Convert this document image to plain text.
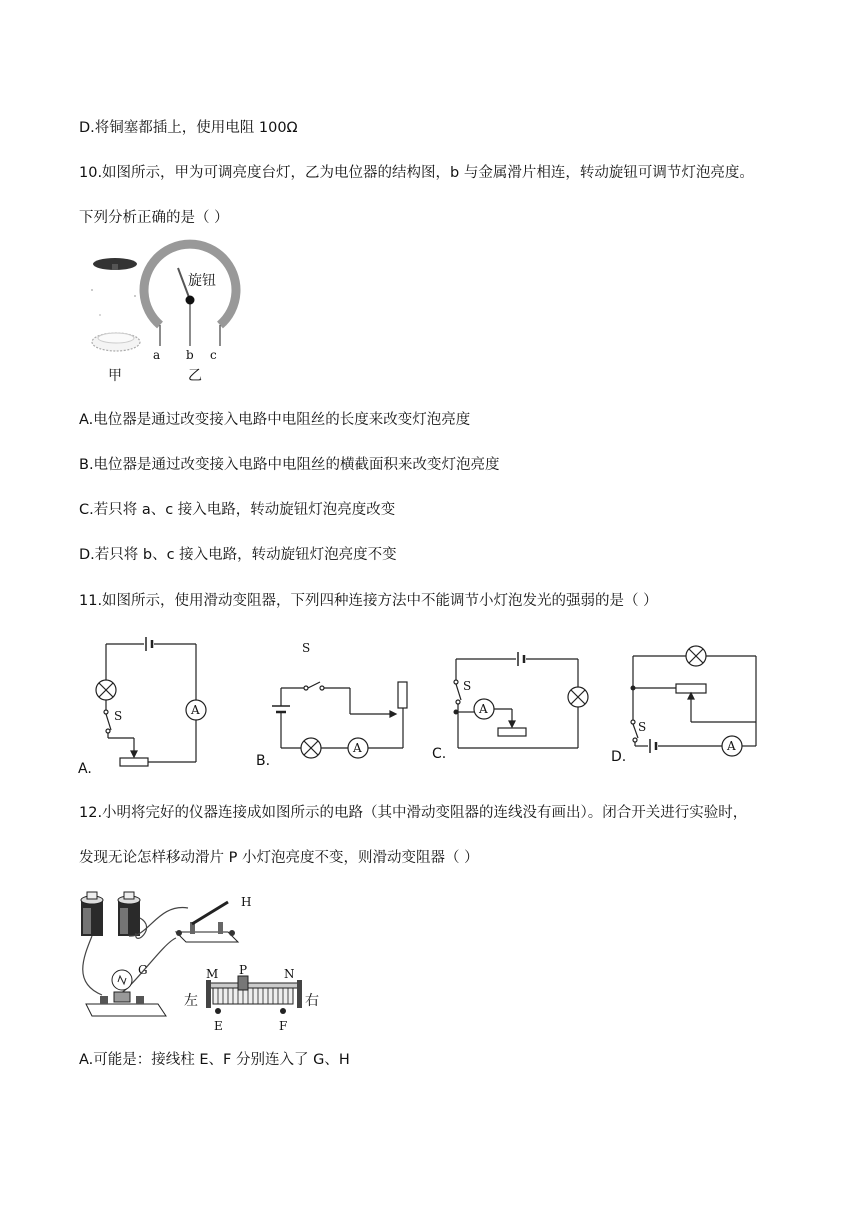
D.将铜塞都插上，使用电阻 100Ω
10.如图所示，甲为可调亮度台灯，乙为电位器的结构图，b 与金属滑片相连，转动旋钮可调节灯泡亮度。
下列分析正确的是（ ）
旋钮
a b c
甲	乙
A.电位器是通过改变接入电路中电阻丝的长度来改变灯泡亮度
B.电位器是通过改变接入电路中电阻丝的横截面积来改变灯泡亮度
C.若只将 a、c 接入电路，转动旋钮灯泡亮度改变
D.若只将 b、c 接入电路，转动旋钮灯泡亮度不变
11.如图所示，使用滑动变阻器，下列四种连接方法中不能调节小灯泡发光的强弱的是（ ）
S	A
A.
S
A
B.
S
A
C.
S
A
D.
12.小明将完好的仪器连接成如图所示的电路（其中滑动变阻器的连线没有画出）。闭合开关进行实验时，
发现无论怎样移动滑片 P 小灯泡亮度不变，则滑动变阻器（ ）
H
G	M P	N
E	F
左	右
A.可能是：接线柱 E、F 分别连入了 G、H
